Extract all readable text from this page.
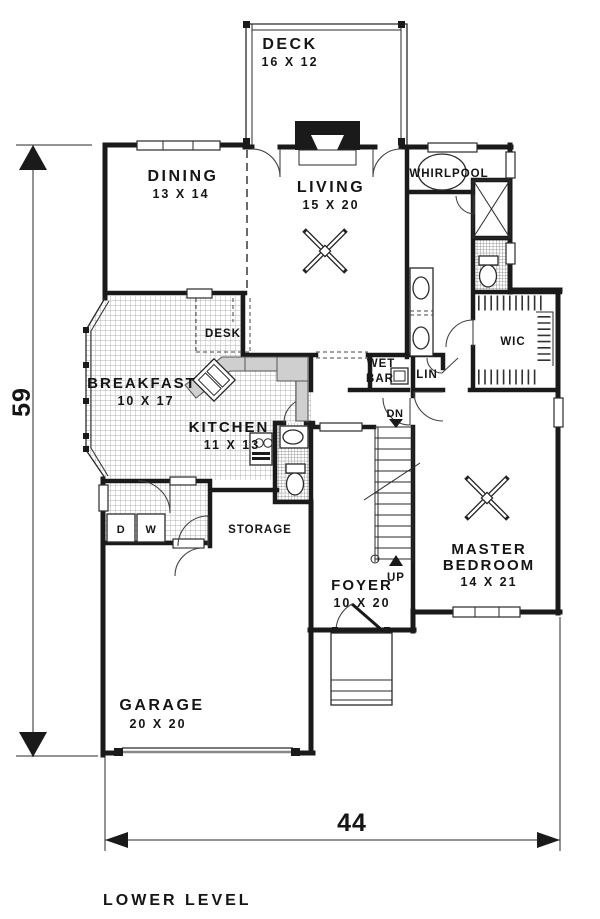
D W
59
44
DECK
16 X 12
DINING
13 X 14	LIVING
15 X 20
WHIRLPOOL
WIC
BREAKFAST
10 X 17
DESK
KITCHEN
11 X 13
WET
BAR LIN
DN
UP
STORAGE
FOYER
10 X 20
MASTER
BEDROOM
14 X 21
GARAGE
20 X 20
LOWER LEVEL
